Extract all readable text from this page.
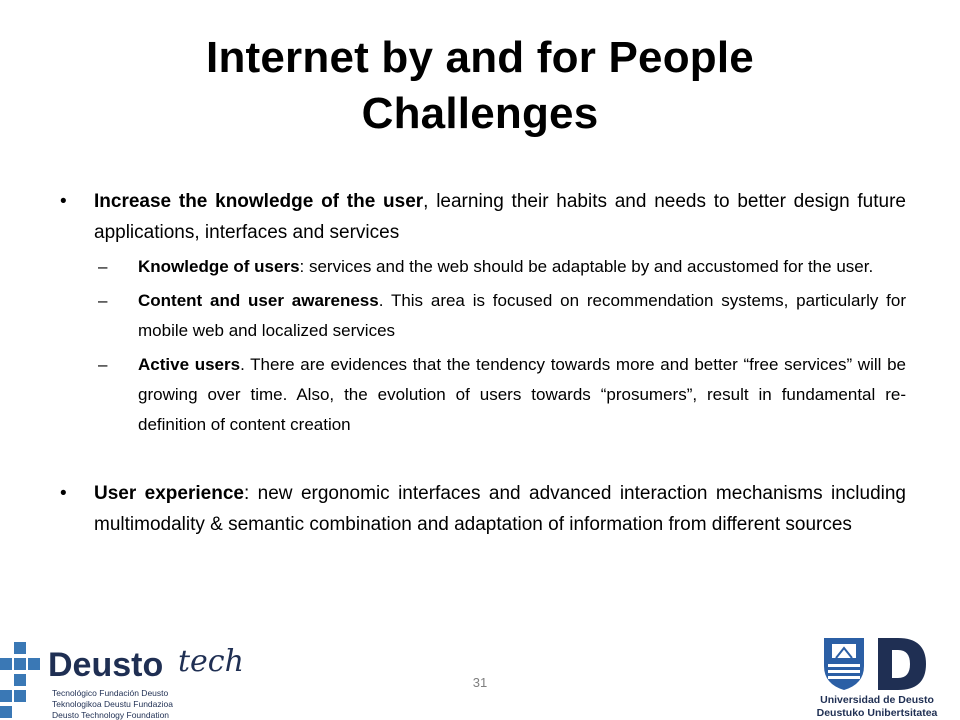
Internet by and for People
Challenges
• Increase the knowledge of the user, learning their habits and needs to better design future applications, interfaces and services
– Knowledge of users: services and the web should be adaptable by and accustomed for the user.
– Content and user awareness. This area is focused on recommendation systems, particularly for mobile web and localized services
– Active users. There are evidences that the tendency towards more and better “free services” will be growing over time. Also, the evolution of users towards “prosumers”, result in fundamental re-definition of content creation
• User experience: new ergonomic interfaces and advanced interaction mechanisms including multimodality & semantic combination and adaptation of information from different sources
31
Deusto tech
Tecnológico Fundación Deusto
Teknologikoa Deustu Fundazioa
Deusto Technology Foundation
Universidad de Deusto
Deustuko Unibertsitatea
